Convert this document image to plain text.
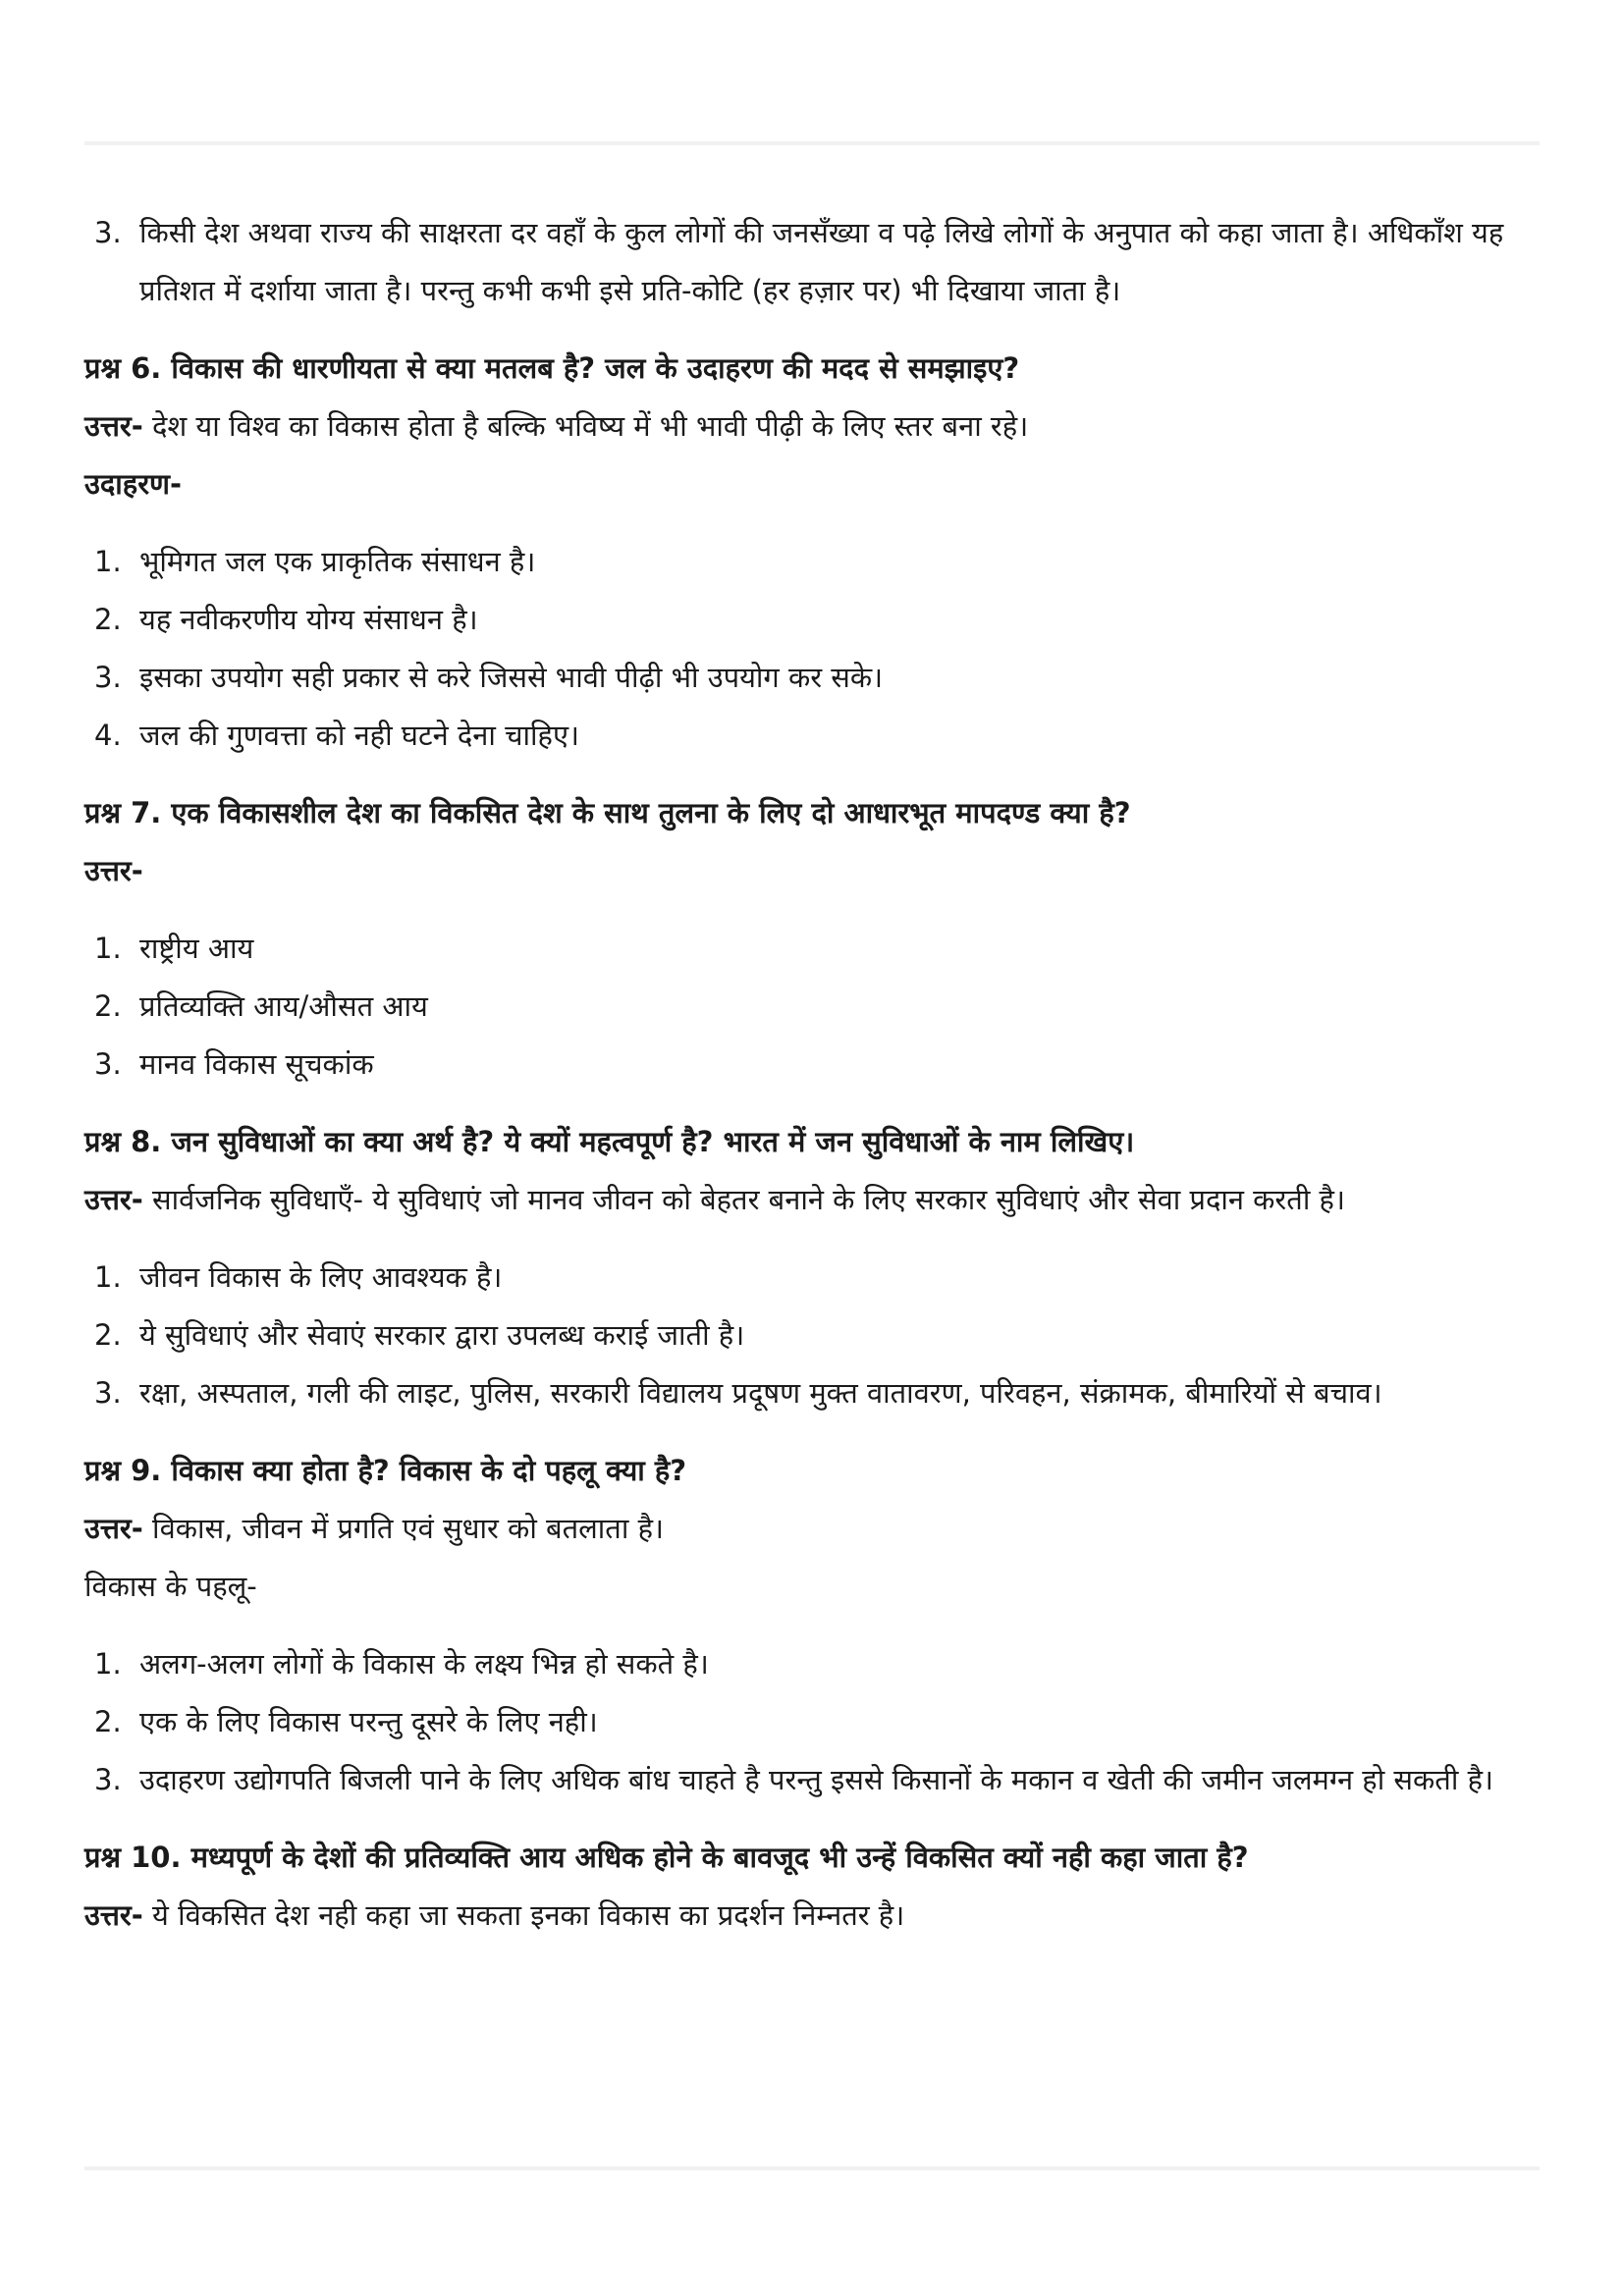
3. किसी देश अथवा राज्य की साक्षरता दर वहाँ के कुल लोगों की जनसँख्या व पढ़े लिखे लोगों के अनुपात को कहा जाता है। अधिकाँश यह प्रतिशत में दर्शाया जाता है। परन्तु कभी कभी इसे प्रति-कोटि (हर हज़ार पर) भी दिखाया जाता है।
प्रश्न 6. विकास की धारणीयता से क्या मतलब है? जल के उदाहरण की मदद से समझाइए?

उत्तर- देश या विश्व का विकास होता है बल्कि भविष्य में भी भावी पीढ़ी के लिए स्तर बना रहे।

उदाहरण-

1. भूमिगत जल एक प्राकृतिक संसाधन है।
2. यह नवीकरणीय योग्य संसाधन है।
3. इसका उपयोग सही प्रकार से करे जिससे भावी पीढ़ी भी उपयोग कर सके।
4. जल की गुणवत्ता को नही घटने देना चाहिए।
प्रश्न 7. एक विकासशील देश का विकसित देश के साथ तुलना के लिए दो आधारभूत मापदण्ड क्या है?

उत्तर-

1. राष्ट्रीय आय
2. प्रतिव्यक्ति आय/औसत आय
3. मानव विकास सूचकांक
प्रश्न 8. जन सुविधाओं का क्या अर्थ है? ये क्यों महत्वपूर्ण है? भारत में जन सुविधाओं के नाम लिखिए।

उत्तर- सार्वजनिक सुविधाएँ- ये सुविधाएं जो मानव जीवन को बेहतर बनाने के लिए सरकार सुविधाएं और सेवा प्रदान करती है।

1. जीवन विकास के लिए आवश्यक है।
2. ये सुविधाएं और सेवाएं सरकार द्वारा उपलब्ध कराई जाती है।
3. रक्षा, अस्पताल, गली की लाइट, पुलिस, सरकारी विद्यालय प्रदूषण मुक्त वातावरण, परिवहन, संक्रामक, बीमारियों से बचाव।
प्रश्न 9. विकास क्या होता है? विकास के दो पहलू क्या है?

उत्तर- विकास, जीवन में प्रगति एवं सुधार को बतलाता है।

विकास के पहलू-

1. अलग-अलग लोगों के विकास के लक्ष्य भिन्न हो सकते है।
2. एक के लिए विकास परन्तु दूसरे के लिए नही।
3. उदाहरण उद्योगपति बिजली पाने के लिए अधिक बांध चाहते है परन्तु इससे किसानों के मकान व खेती की जमीन जलमग्न हो सकती है।
प्रश्न 10. मध्यपूर्ण के देशों की प्रतिव्यक्ति आय अधिक होने के बावजूद भी उन्हें विकसित क्यों नही कहा जाता है?

उत्तर- ये विकसित देश नही कहा जा सकता इनका विकास का प्रदर्शन निम्नतर है।
